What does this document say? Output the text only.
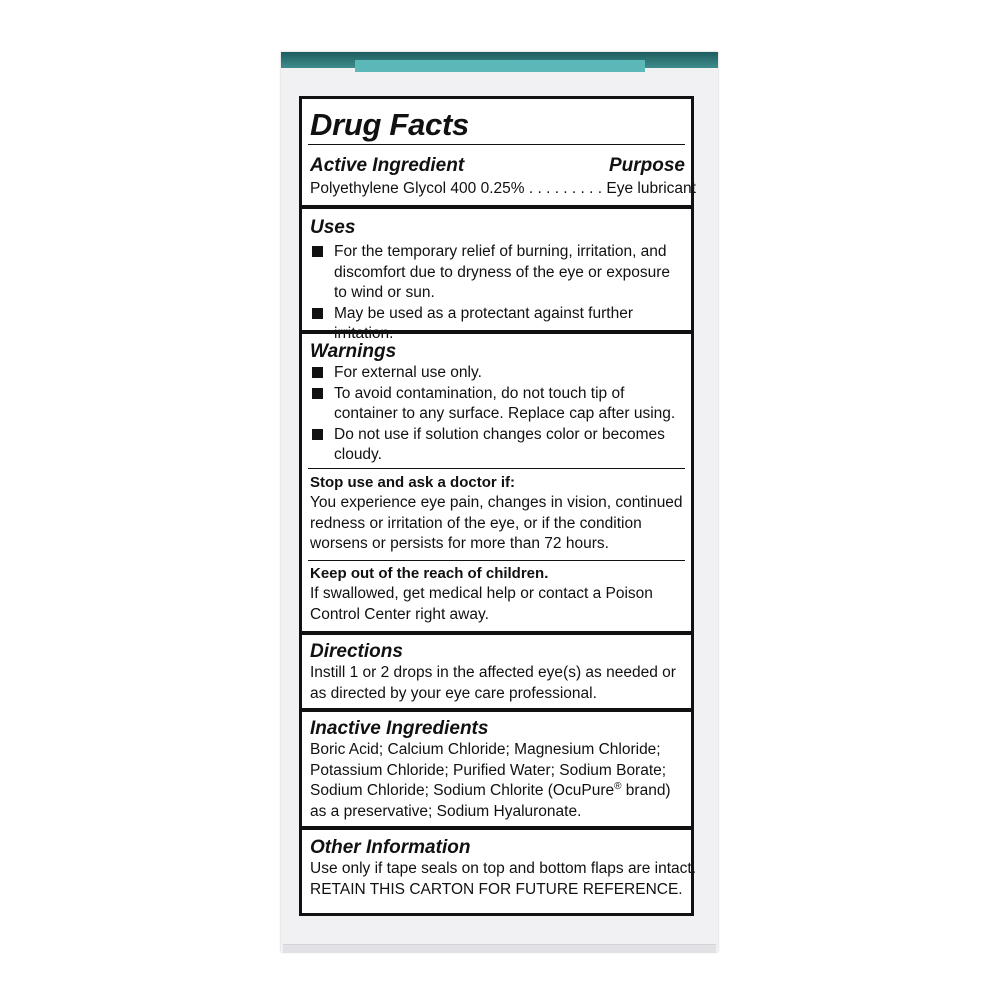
Drug Facts
Active Ingredient	Purpose
Polyethylene Glycol 400 0.25% . . . . . . . . . Eye lubricant
Uses
For the temporary relief of burning, irritation, and discomfort due to dryness of the eye or exposure to wind or sun.
May be used as a protectant against further
Warnings
For external use only.
To avoid contamination, do not touch tip of container to any surface. Replace cap after using.
Do not use if solution changes color or becomes cloudy.
Stop use and ask a doctor if:
You experience eye pain, changes in vision, continued redness or irritation of the eye, or if the condition worsens or persists for more than 72 hours.
Keep out of the reach of children.
If swallowed, get medical help or contact a Poison Control Center right away.
Directions
Instill 1 or 2 drops in the affected eye(s) as needed or as directed by your eye care professional.
Inactive Ingredients
Boric Acid; Calcium Chloride; Magnesium Chloride; Potassium Chloride; Purified Water; Sodium Borate; Sodium Chloride; Sodium Chlorite (OcuPure® brand) as a preservative; Sodium Hyaluronate.
Other Information
Use only if tape seals on top and bottom flaps are intact.
RETAIN THIS CARTON FOR FUTURE REFERENCE.
